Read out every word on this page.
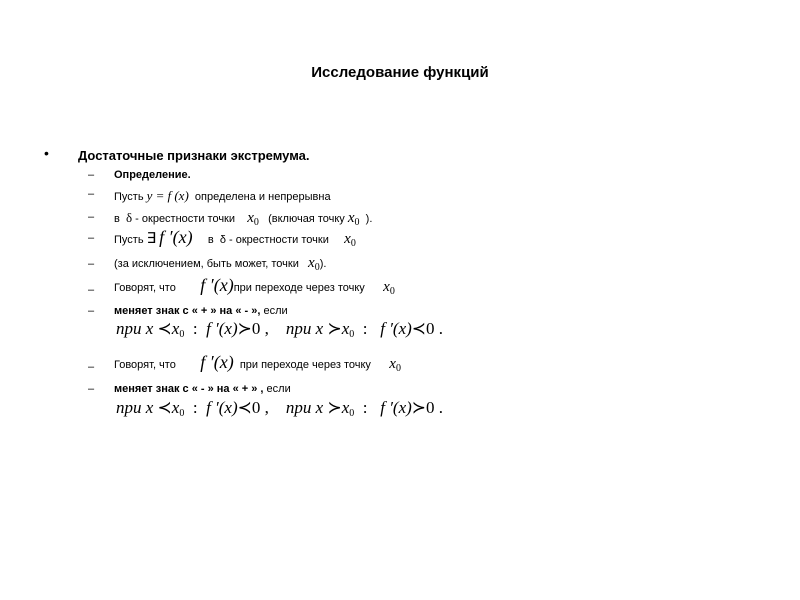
Исследование функций
• Достаточные признаки экстремума.
– Определение.
– Пусть y = f (x) определена и непрерывна
– в δ - окрестности точки x0 (включая точку x0 ).
– Пусть ∃ f ′(x) в δ - окрестности точки x0
– (за исключением, быть может, точки x0).
– Говорят, что f ′(x)при переходе через точку x0
– меняет знак с « + » на « - », если
при x ≺x0 : f ′(x)≻0 , при x ≻x0 : f ′(x)≺0 .
– Говорят, что f ′(x) при переходе через точку x0
– меняет знак с « - » на « + » , если
при x ≺x0 : f ′(x)≺0 , при x ≻x0 : f ′(x)≻0 .
